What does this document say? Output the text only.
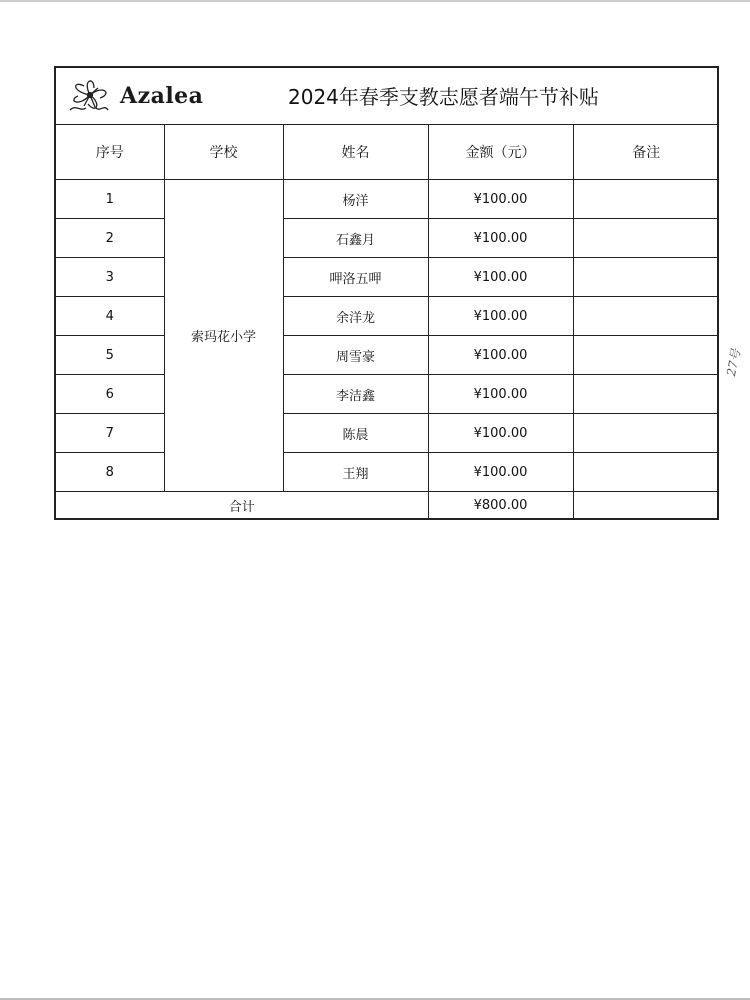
Azalea	2024年春季支教志愿者端午节补贴
序号	学校	姓名	金额（元）	备注
1	索玛花小学	杨洋	¥100.00	
2		石鑫月	¥100.00	
3		呷洛五呷	¥100.00	
4		余洋龙	¥100.00	
5		周雪豪	¥100.00	
6		李洁鑫	¥100.00	
7		陈晨	¥100.00	
8		王翔	¥100.00	
合计			¥800.00	
27号
